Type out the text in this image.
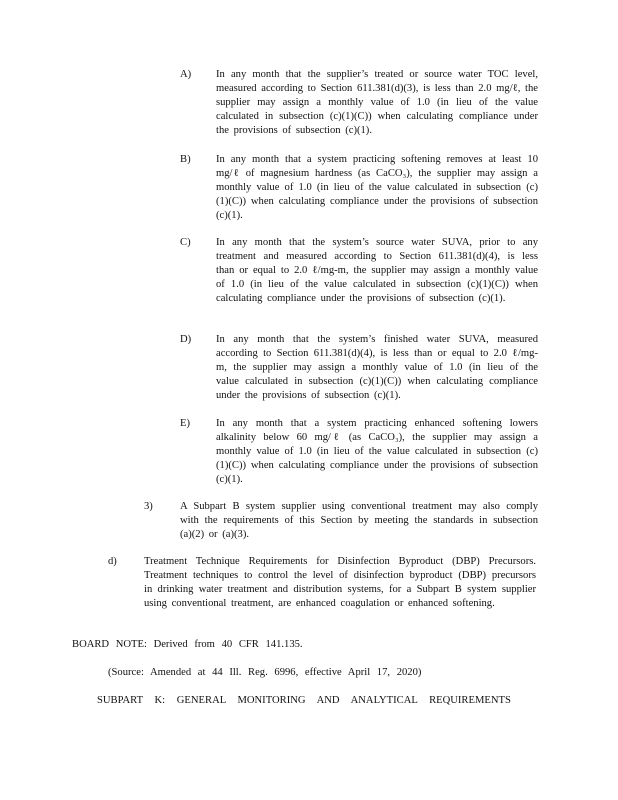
A) In any month that the supplier’s treated or source water TOC level, measured according to Section 611.381(d)(3), is less than 2.0 mg/ℓ, the supplier may assign a monthly value of 1.0 (in lieu of the value calculated in subsection (c)(1)(C)) when calculating compliance under the provisions of subsection (c)(1).
B) In any month that a system practicing softening removes at least 10 mg/ℓ of magnesium hardness (as CaCO₃), the supplier may assign a monthly value of 1.0 (in lieu of the value calculated in subsection (c)(1)(C)) when calculating compliance under the provisions of subsection (c)(1).
C) In any month that the system’s source water SUVA, prior to any treatment and measured according to Section 611.381(d)(4), is less than or equal to 2.0 ℓ/mg-m, the supplier may assign a monthly value of 1.0 (in lieu of the value calculated in subsection (c)(1)(C)) when calculating compliance under the provisions of subsection (c)(1).
D) In any month that the system’s finished water SUVA, measured according to Section 611.381(d)(4), is less than or equal to 2.0 ℓ/mg-m, the supplier may assign a monthly value of 1.0 (in lieu of the value calculated in subsection (c)(1)(C)) when calculating compliance under the provisions of subsection (c)(1).
E) In any month that a system practicing enhanced softening lowers alkalinity below 60 mg/ℓ (as CaCO₃), the supplier may assign a monthly value of 1.0 (in lieu of the value calculated in subsection (c)(1)(C)) when calculating compliance under the provisions of subsection (c)(1).
3)	A Subpart B system supplier using conventional treatment may also comply with the requirements of this Section by meeting the standards in subsection (a)(2) or (a)(3).
d)	Treatment Technique Requirements for Disinfection Byproduct (DBP) Precursors. Treatment techniques to control the level of disinfection byproduct (DBP) precursors in drinking water treatment and distribution systems, for a Subpart B system supplier using conventional treatment, are enhanced coagulation or enhanced softening.
BOARD NOTE: Derived from 40 CFR 141.135.
(Source: Amended at 44 Ill. Reg. 6996, effective April 17, 2020)
SUBPART K: GENERAL MONITORING AND ANALYTICAL REQUIREMENTS
